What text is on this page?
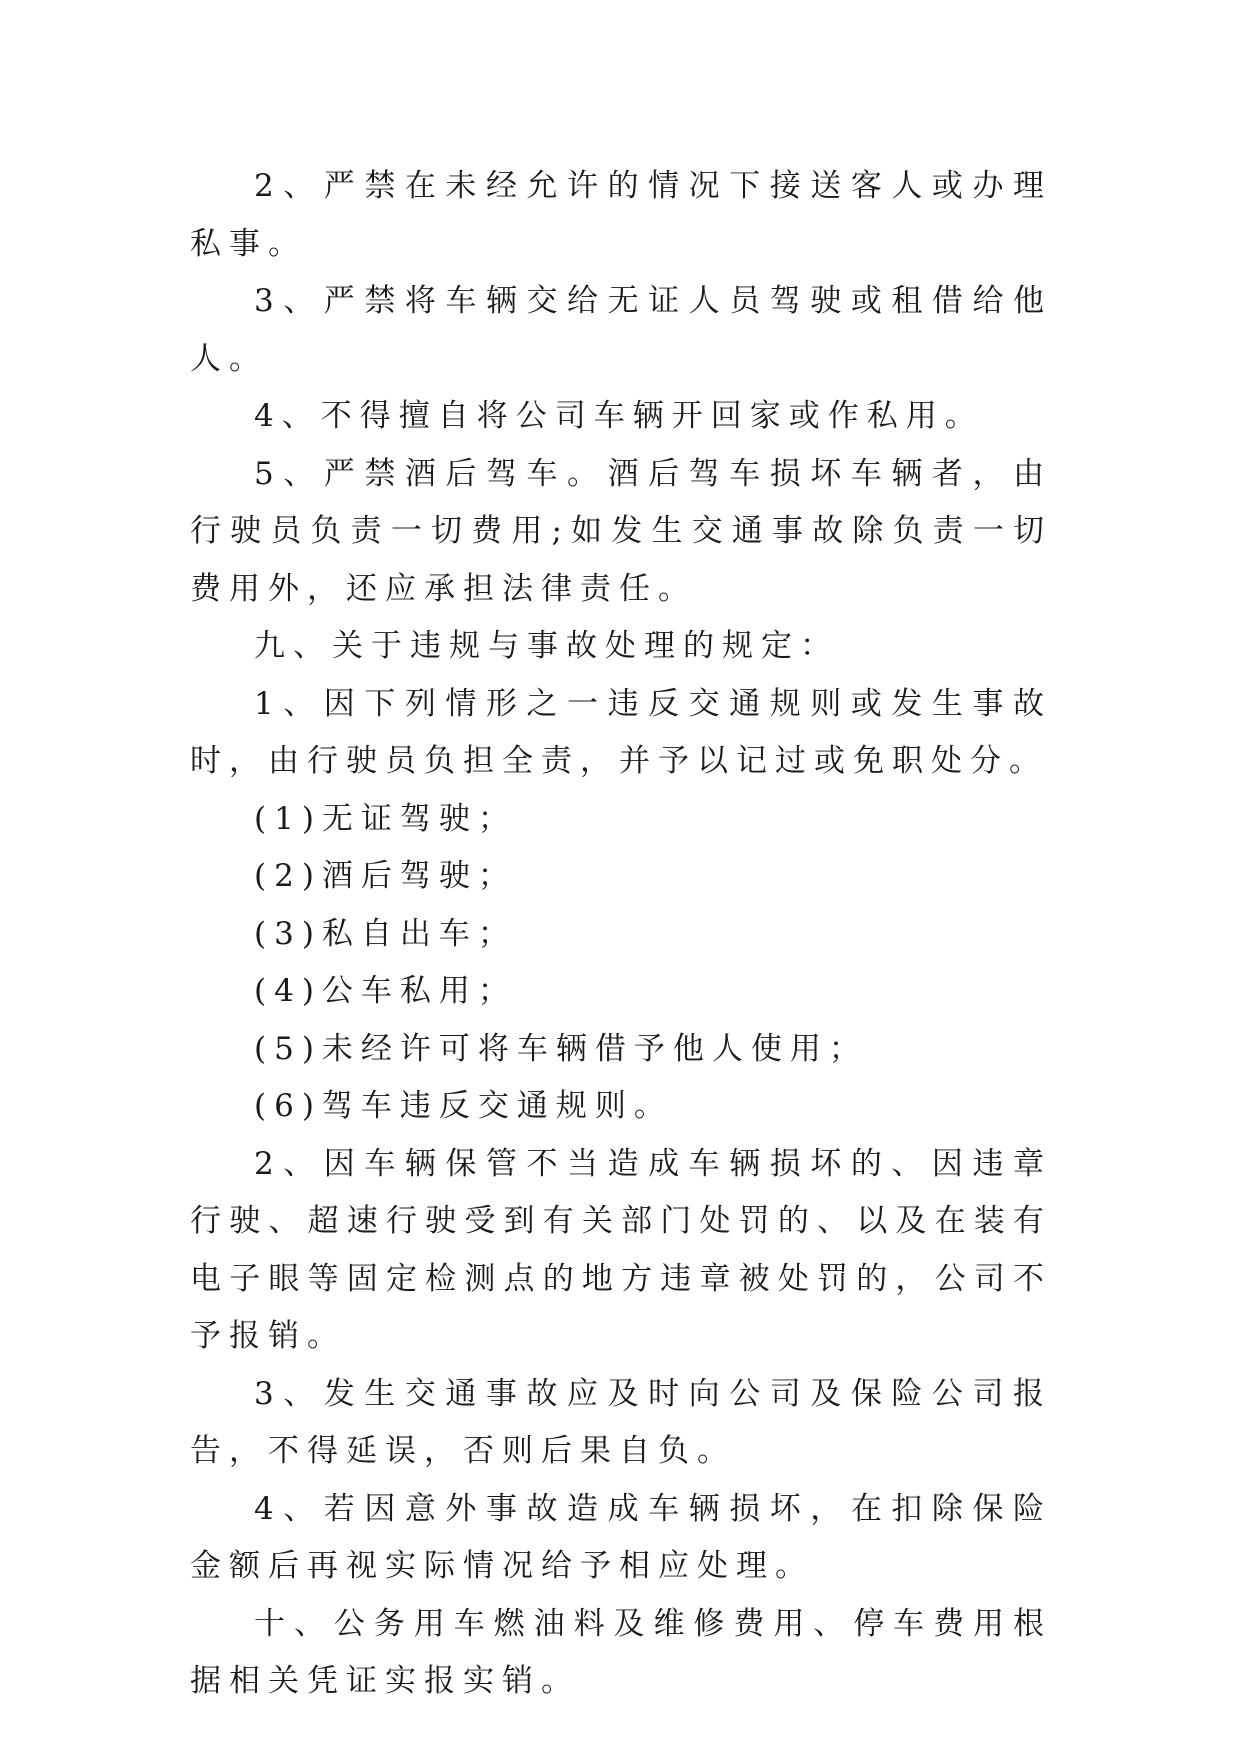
2、严禁在未经允许的情况下接送客人或办理私事。

3、严禁将车辆交给无证人员驾驶或租借给他人。

4、不得擅自将公司车辆开回家或作私用。

5、严禁酒后驾车。酒后驾车损坏车辆者，由行驶员负责一切费用;如发生交通事故除负责一切费用外，还应承担法律责任。

九、关于违规与事故处理的规定：

1、因下列情形之一违反交通规则或发生事故时，由行驶员负担全责，并予以记过或免职处分。

(1)无证驾驶；

(2)酒后驾驶；

(3)私自出车；

(4)公车私用；

(5)未经许可将车辆借予他人使用；

(6)驾车违反交通规则。

2、因车辆保管不当造成车辆损坏的、因违章行驶、超速行驶受到有关部门处罚的、以及在装有电子眼等固定检测点的地方违章被处罚的，公司不予报销。

3、发生交通事故应及时向公司及保险公司报告，不得延误，否则后果自负。

4、若因意外事故造成车辆损坏，在扣除保险金额后再视实际情况给予相应处理。

十、公务用车燃油料及维修费用、停车费用根据相关凭证实报实销。
